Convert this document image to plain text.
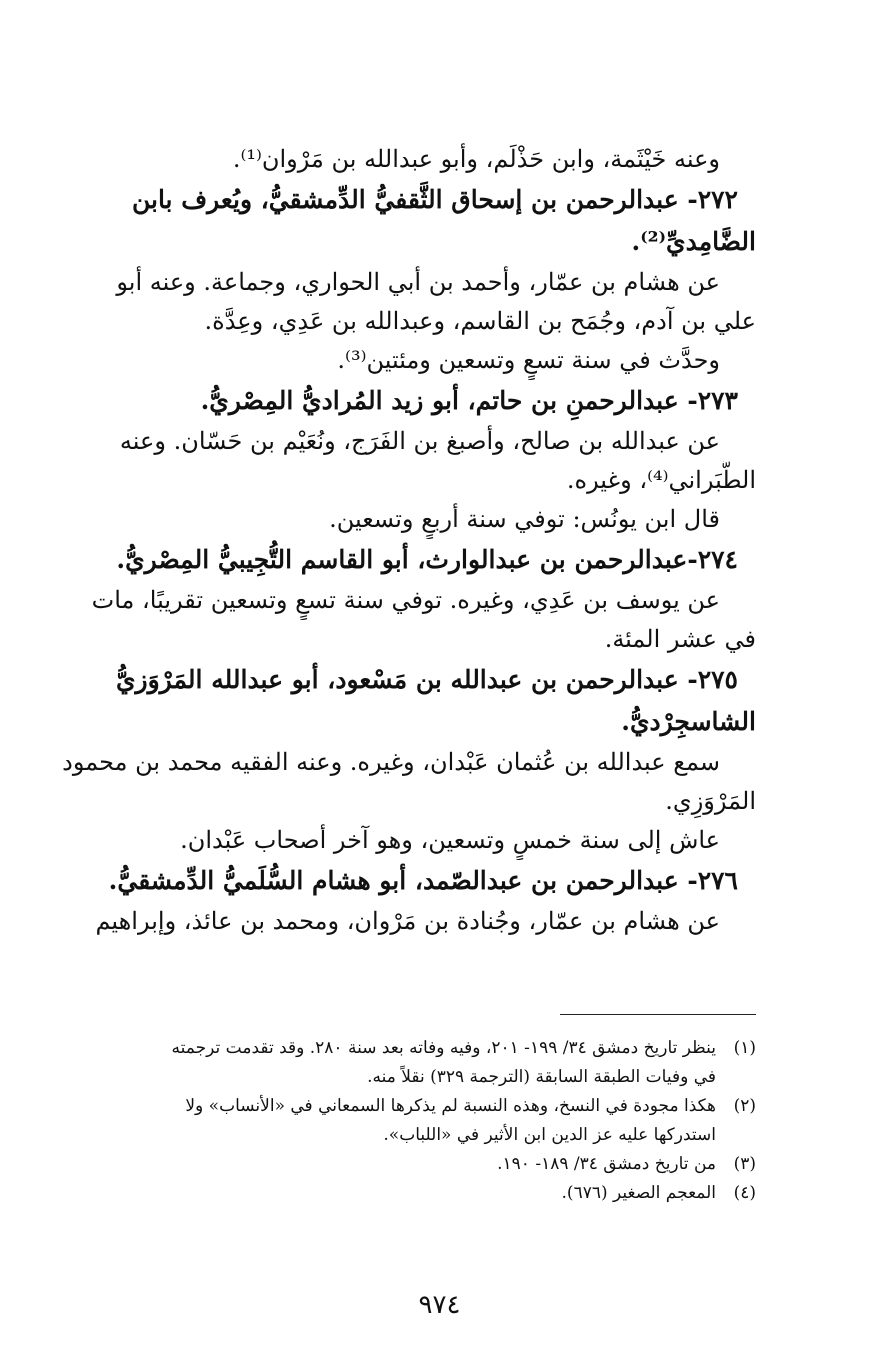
وعنه خَيْثَمة، وابن حَذْلَم، وأبو عبدالله بن مَرْوان⁽¹⁾.
٢٧٢- عبدالرحمن بن إسحاق الثَّقفيُّ الدِّمشقيُّ، ويُعرف بابن
الضَّامِديِّ⁽²⁾.
عن هشام بن عمّار، وأحمد بن أبي الحواري، وجماعة. وعنه أبو
علي بن آدم، وجُمَح بن القاسم، وعبدالله بن عَدِي، وعِدَّة.
وحدَّث في سنة تسعٍ وتسعين ومئتين⁽³⁾.
٢٧٣- عبدالرحمنِ بن حاتم، أبو زيد المُراديُّ المِصْريُّ.
عن عبدالله بن صالح، وأصبغ بن الفَرَج، ونُعَيْم بن حَسّان. وعنه
الطَّبَراني⁽⁴⁾، وغيره.
قال ابن يونُس: توفي سنة أربعٍ وتسعين.
٢٧٤-عبدالرحمن بن عبدالوارث، أبو القاسم التُّجِيبيُّ المِصْريُّ.
عن يوسف بن عَدِي، وغيره. توفي سنة تسعٍ وتسعين تقريبًا، مات
في عشر المئة.
٢٧٥- عبدالرحمن بن عبدالله بن مَسْعود، أبو عبدالله المَرْوَزيُّ
الشاسجِرْديُّ.
سمع عبدالله بن عُثمان عَبْدان، وغيره. وعنه الفقيه محمد بن محمود
المَرْوَزِي.
عاش إلى سنة خمسٍ وتسعين، وهو آخر أصحاب عَبْدان.
٢٧٦- عبدالرحمن بن عبدالصّمد، أبو هشام السُّلَميُّ الدِّمشقيُّ.
عن هشام بن عمّار، وجُنادة بن مَرْوان، ومحمد بن عائذ، وإبراهيم
(١)
ينظر تاريخ دمشق ٣٤/ ١٩٩- ٢٠١، وفيه وفاته بعد سنة ٢٨٠. وقد تقدمت ترجمته
في وفيات الطبقة السابقة (الترجمة ٣٢٩) نقلاً منه.
(٢)
هكذا مجودة في النسخ، وهذه النسبة لم يذكرها السمعاني في «الأنساب» ولا
استدركها عليه عز الدين ابن الأثير في «اللباب».
(٣)
من تاريخ دمشق ٣٤/ ١٨٩- ١٩٠.
(٤)
المعجم الصغير (٦٧٦).
٩٧٤
